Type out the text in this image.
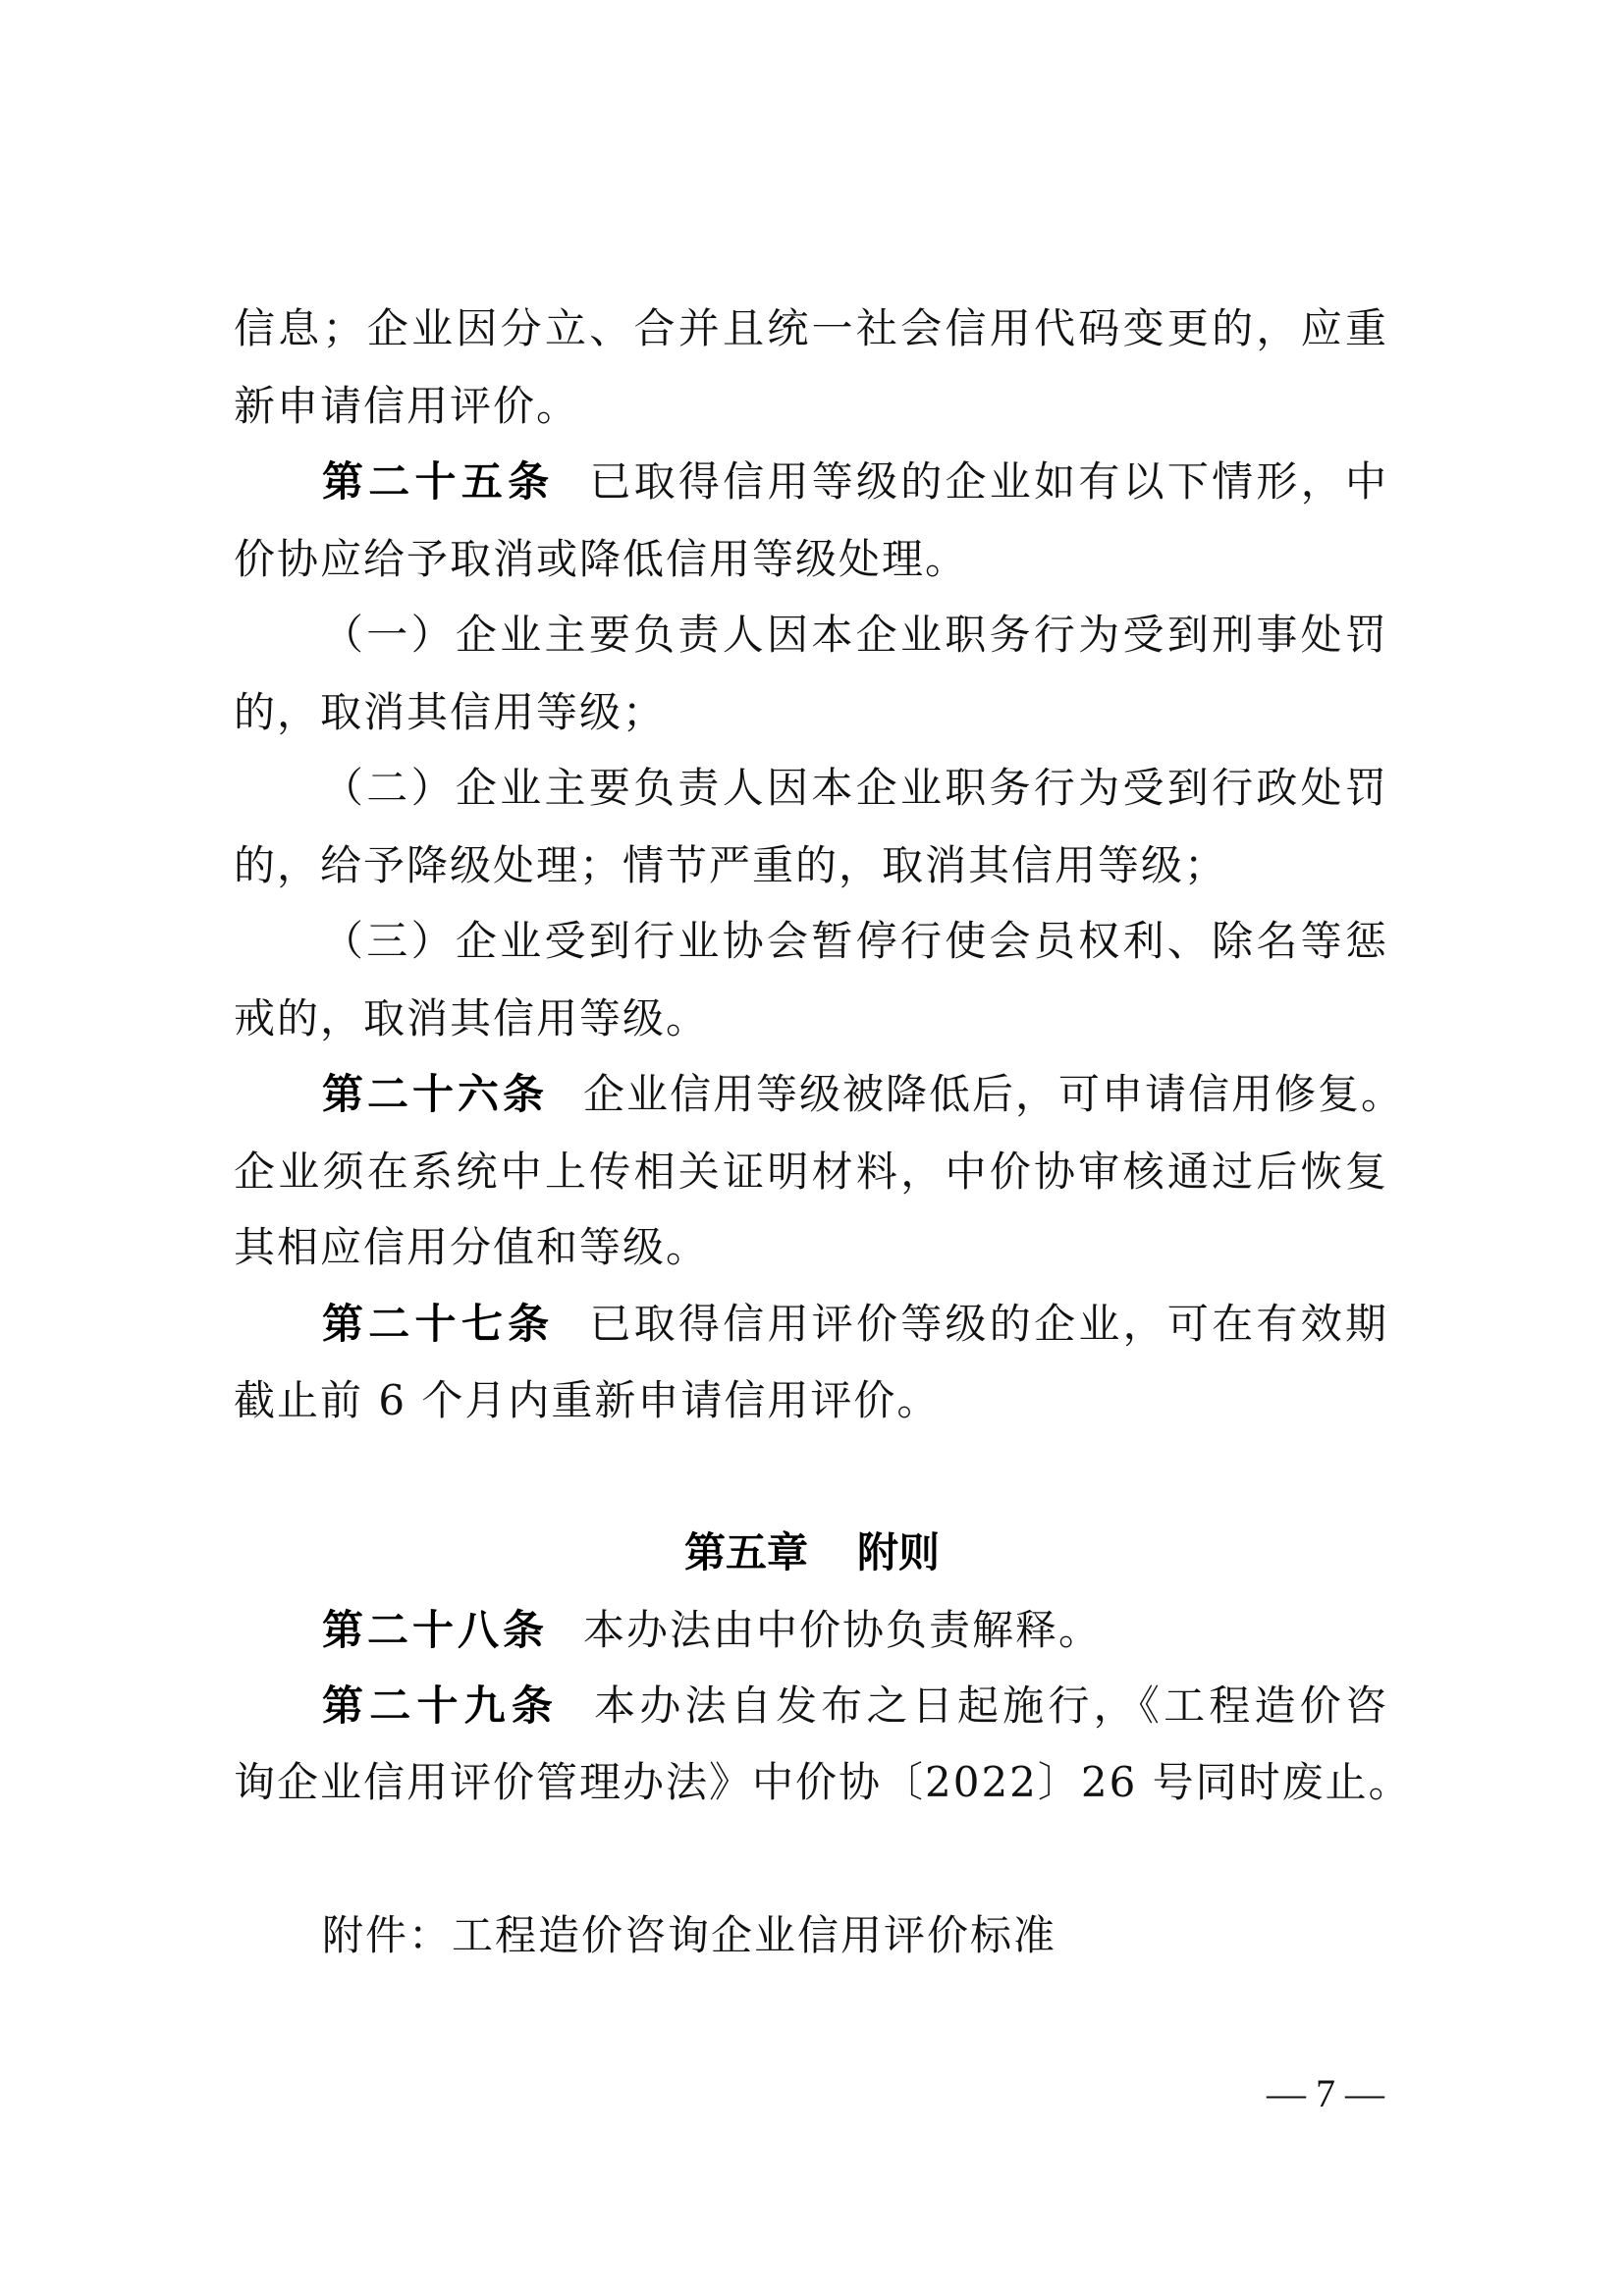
信息；企业因分立、合并且统一社会信用代码变更的，应重
新申请信用评价。
第二十五条 已取得信用等级的企业如有以下情形，中
价协应给予取消或降低信用等级处理。
（一）企业主要负责人因本企业职务行为受到刑事处罚
的，取消其信用等级；
（二）企业主要负责人因本企业职务行为受到行政处罚
的，给予降级处理；情节严重的，取消其信用等级；
（三）企业受到行业协会暂停行使会员权利、除名等惩
戒的，取消其信用等级。
第二十六条 企业信用等级被降低后，可申请信用修复。
企业须在系统中上传相关证明材料，中价协审核通过后恢复
其相应信用分值和等级。
第二十七条 已取得信用评价等级的企业，可在有效期
截止前 6 个月内重新申请信用评价。
第五章 附则
第二十八条 本办法由中价协负责解释。
第二十九条 本办法自发布之日起施行，《工程造价咨
询企业信用评价管理办法》中价协〔2022〕26 号同时废止。
附件：工程造价咨询企业信用评价标准
— 7 —
